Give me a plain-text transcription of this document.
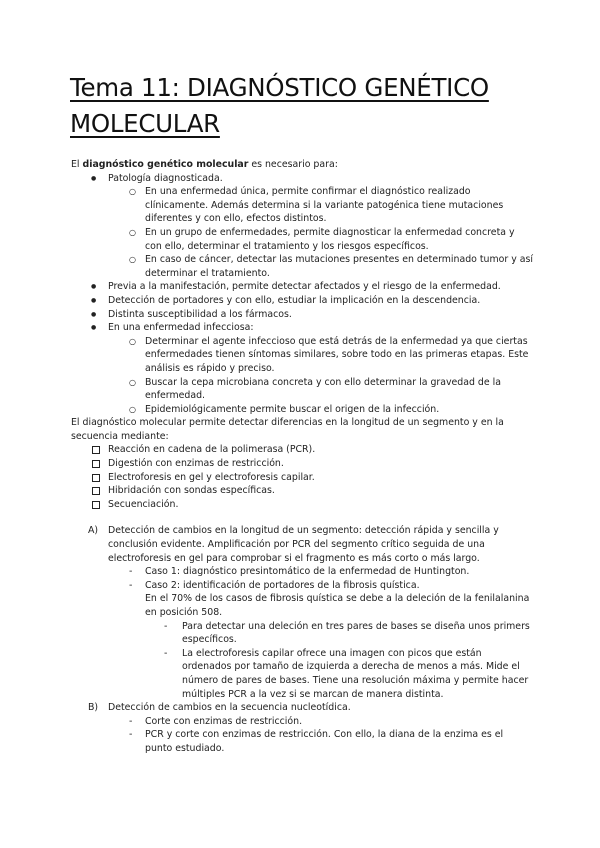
Tema 11: DIAGNÓSTICO GENÉTICO
MOLECULAR

El diagnóstico genético molecular es necesario para:

● Patología diagnosticada.
○ En una enfermedad única, permite confirmar el diagnóstico realizado clínicamente. Además determina si la variante patogénica tiene mutaciones diferentes y con ello, efectos distintos.
○ En un grupo de enfermedades, permite diagnosticar la enfermedad concreta y con ello, determinar el tratamiento y los riesgos específicos.
○ En caso de cáncer, detectar las mutaciones presentes en determinado tumor y así determinar el tratamiento.
● Previa a la manifestación, permite detectar afectados y el riesgo de la enfermedad.
● Detección de portadores y con ello, estudiar la implicación en la descendencia.
● Distinta susceptibilidad a los fármacos.
● En una enfermedad infecciosa:
○ Determinar el agente infeccioso que está detrás de la enfermedad ya que ciertas enfermedades tienen síntomas similares, sobre todo en las primeras etapas. Este análisis es rápido y preciso.
○ Buscar la cepa microbiana concreta y con ello determinar la gravedad de la enfermedad.
○ Epidemiológicamente permite buscar el origen de la infección.

El diagnóstico molecular permite detectar diferencias en la longitud de un segmento y en la secuencia mediante:

Reacción en cadena de la polimerasa (PCR).
Digestión con enzimas de restricción.
Electroforesis en gel y electroforesis capilar.
Hibridación con sondas específicas.
Secuenciación.
A) Detección de cambios en la longitud de un segmento: detección rápida y sencilla y conclusión evidente. Amplificación por PCR del segmento crítico seguida de una electroforesis en gel para comprobar si el fragmento es más corto o más largo.
- Caso 1: diagnóstico presintomático de la enfermedad de Huntington.
- Caso 2: identificación de portadores de la fibrosis quística.

En el 70% de los casos de fibrosis quística se debe a la deleción de la fenilalanina en posición 508.

- Para detectar una deleción en tres pares de bases se diseña unos primers específicos.
- La electroforesis capilar ofrece una imagen con picos que están ordenados por tamaño de izquierda a derecha de menos a más. Mide el número de pares de bases. Tiene una resolución máxima y permite hacer múltiples PCR a la vez si se marcan de manera distinta.
B) Detección de cambios en la secuencia nucleotídica.
- Corte con enzimas de restricción.
- PCR y corte con enzimas de restricción. Con ello, la diana de la enzima es el punto estudiado.
